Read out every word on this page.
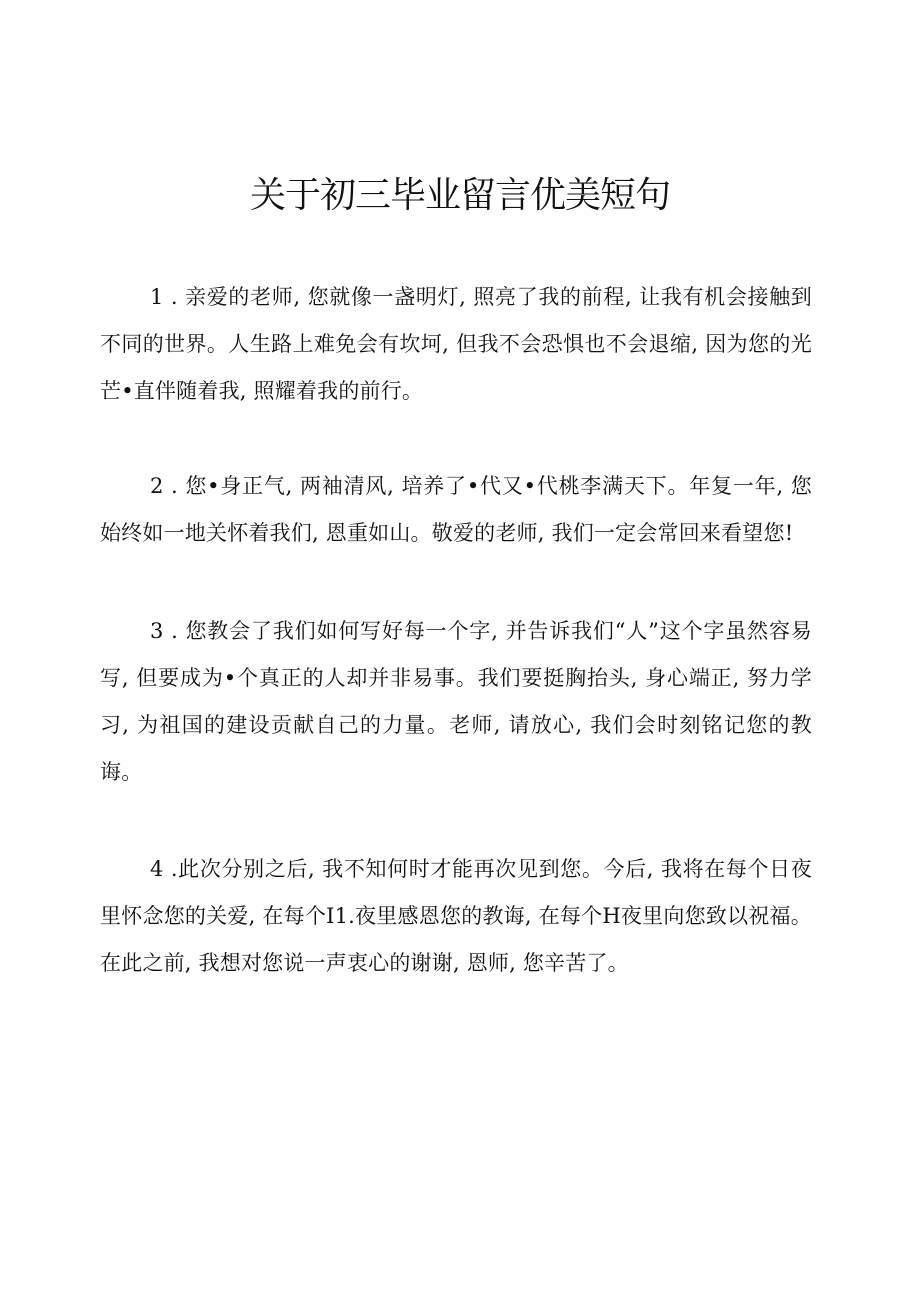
关于初三毕业留言优美短句

1 . 亲爱的老师, 您就像一盏明灯, 照亮了我的前程, 让我有机会接触到不同的世界。人生路上难免会有坎坷, 但我不会恐惧也不会退缩, 因为您的光芒•直伴随着我, 照耀着我的前行。

2 . 您•身正气, 两袖清风, 培养了•代又•代桃李满天下。年复一年, 您始终如一地关怀着我们, 恩重如山。敬爱的老师, 我们一定会常回来看望您!

3 . 您教会了我们如何写好每一个字, 并告诉我们“人”这个字虽然容易写, 但要成为•个真正的人却并非易事。我们要挺胸抬头, 身心端正, 努力学习, 为祖国的建设贡献自己的力量。老师, 请放心, 我们会时刻铭记您的教诲。

4 .此次分别之后, 我不知何时才能再次见到您。今后, 我将在每个日夜里怀念您的关爱, 在每个I1.夜里感恩您的教诲, 在每个H夜里向您致以祝福。在此之前, 我想对您说一声衷心的谢谢, 恩师, 您辛苦了。
